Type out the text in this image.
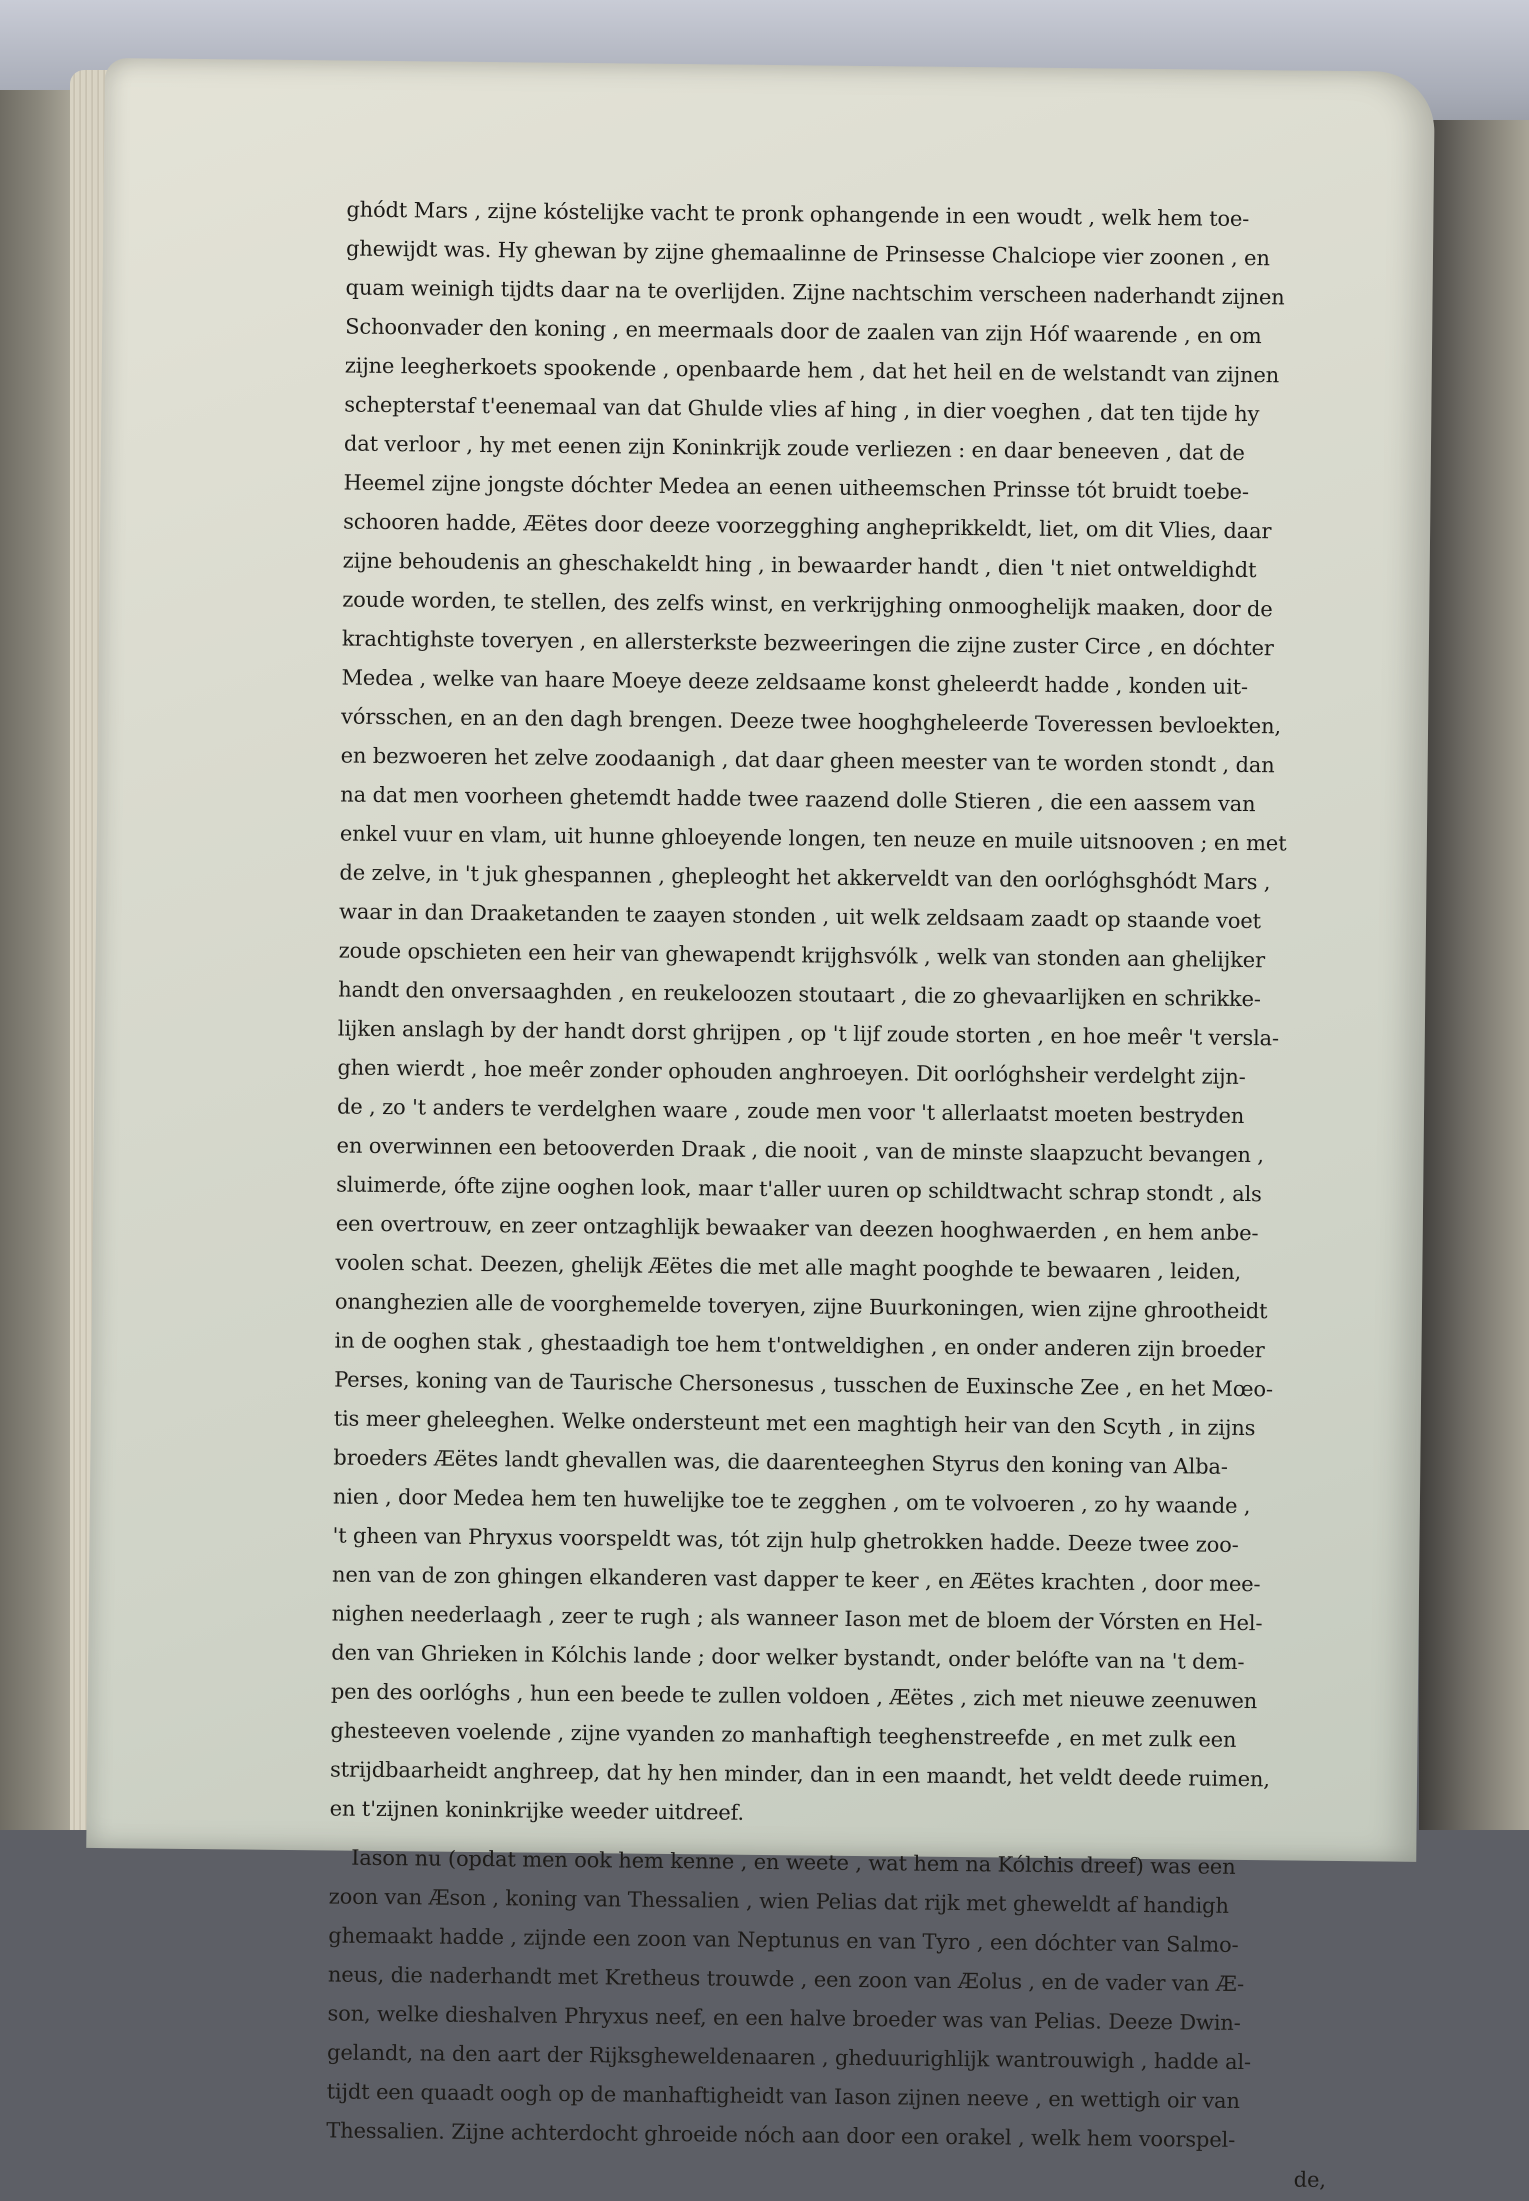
ghódt Mars , zijne kóstelijke vacht te pronk ophangende in een woudt , welk hem toe-
ghewijdt was. Hy ghewan by zijne ghemaalinne de Prinsesse Chalciope vier zoonen , en
quam weinigh tijdts daar na te overlijden. Zijne nachtschim verscheen naderhandt zijnen
Schoonvader den koning , en meermaals door de zaalen van zijn Hóf waarende , en om
zijne leegherkoets spookende , openbaarde hem , dat het heil en de welstandt van zijnen
schepterstaf t'eenemaal van dat Ghulde vlies af hing , in dier voeghen , dat ten tijde hy
dat verloor , hy met eenen zijn Koninkrijk zoude verliezen : en daar beneeven , dat de
Heemel zijne jongste dóchter Medea an eenen uitheemschen Prinsse tót bruidt toebe-
schooren hadde, Æëtes door deeze voorzegghing angheprikkeldt, liet, om dit Vlies, daar
zijne behoudenis an gheschakeldt hing , in bewaarder handt , dien 't niet ontweldighdt
zoude worden, te stellen, des zelfs winst, en verkrijghing onmooghelijk maaken, door de
krachtighste toveryen , en allersterkste bezweeringen die zijne zuster Circe , en dóchter
Medea , welke van haare Moeye deeze zeldsaame konst gheleerdt hadde , konden uit-
vórsschen, en an den dagh brengen. Deeze twee hooghgheleerde Toveressen bevloekten,
en bezwoeren het zelve zoodaanigh , dat daar gheen meester van te worden stondt , dan
na dat men voorheen ghetemdt hadde twee raazend dolle Stieren , die een aassem van
enkel vuur en vlam, uit hunne ghloeyende longen, ten neuze en muile uitsnooven ; en met
de zelve, in 't juk ghespannen , ghepleoght het akkerveldt van den oorlóghsghódt Mars ,
waar in dan Draaketanden te zaayen stonden , uit welk zeldsaam zaadt op staande voet
zoude opschieten een heir van ghewapendt krijghsvólk , welk van stonden aan ghelijker
handt den onversaaghden , en reukeloozen stoutaart , die zo ghevaarlijken en schrikke-
lijken anslagh by der handt dorst ghrijpen , op 't lijf zoude storten , en hoe meêr 't versla-
ghen wierdt , hoe meêr zonder ophouden anghroeyen. Dit oorlóghsheir verdelght zijn-
de , zo 't anders te verdelghen waare , zoude men voor 't allerlaatst moeten bestryden
en overwinnen een betooverden Draak , die nooit , van de minste slaapzucht bevangen ,
sluimerde, ófte zijne ooghen look, maar t'aller uuren op schildtwacht schrap stondt , als
een overtrouw, en zeer ontzaghlijk bewaaker van deezen hooghwaerden , en hem anbe-
voolen schat. Deezen, ghelijk Æëtes die met alle maght pooghde te bewaaren , leiden,
onanghezien alle de voorghemelde toveryen, zijne Buurkoningen, wien zijne ghrootheidt
in de ooghen stak , ghestaadigh toe hem t'ontweldighen , en onder anderen zijn broeder
Perses, koning van de Taurische Chersonesus , tusschen de Euxinsche Zee , en het Mœo-
tis meer gheleeghen. Welke ondersteunt met een maghtigh heir van den Scyth , in zijns
broeders Æëtes landt ghevallen was, die daarenteeghen Styrus den koning van Alba-
nien , door Medea hem ten huwelijke toe te zegghen , om te volvoeren , zo hy waande ,
't gheen van Phryxus voorspeldt was, tót zijn hulp ghetrokken hadde. Deeze twee zoo-
nen van de zon ghingen elkanderen vast dapper te keer , en Æëtes krachten , door mee-
nighen neederlaagh , zeer te rugh ; als wanneer Iason met de bloem der Vórsten en Hel-
den van Ghrieken in Kólchis lande ; door welker bystandt, onder belófte van na 't dem-
pen des oorlóghs , hun een beede te zullen voldoen , Æëtes , zich met nieuwe zeenuwen
ghesteeven voelende , zijne vyanden zo manhaftigh teeghenstreefde , en met zulk een
strijdbaarheidt anghreep, dat hy hen minder, dan in een maandt, het veldt deede ruimen,
en t'zijnen koninkrijke weeder uitdreef.
Iason nu (opdat men ook hem kenne , en weete , wat hem na Kólchis dreef) was een
zoon van Æson , koning van Thessalien , wien Pelias dat rijk met gheweldt af handigh
ghemaakt hadde , zijnde een zoon van Neptunus en van Tyro , een dóchter van Salmo-
neus, die naderhandt met Kretheus trouwde , een zoon van Æolus , en de vader van Æ-
son, welke dieshalven Phryxus neef, en een halve broeder was van Pelias. Deeze Dwin-
gelandt, na den aart der Rijksgheweldenaaren , gheduurighlijk wantrouwigh , hadde al-
tijdt een quaadt oogh op de manhaftigheidt van Iason zijnen neeve , en wettigh oir van
Thessalien. Zijne achterdocht ghroeide nóch aan door een orakel , welk hem voorspel-
de,
